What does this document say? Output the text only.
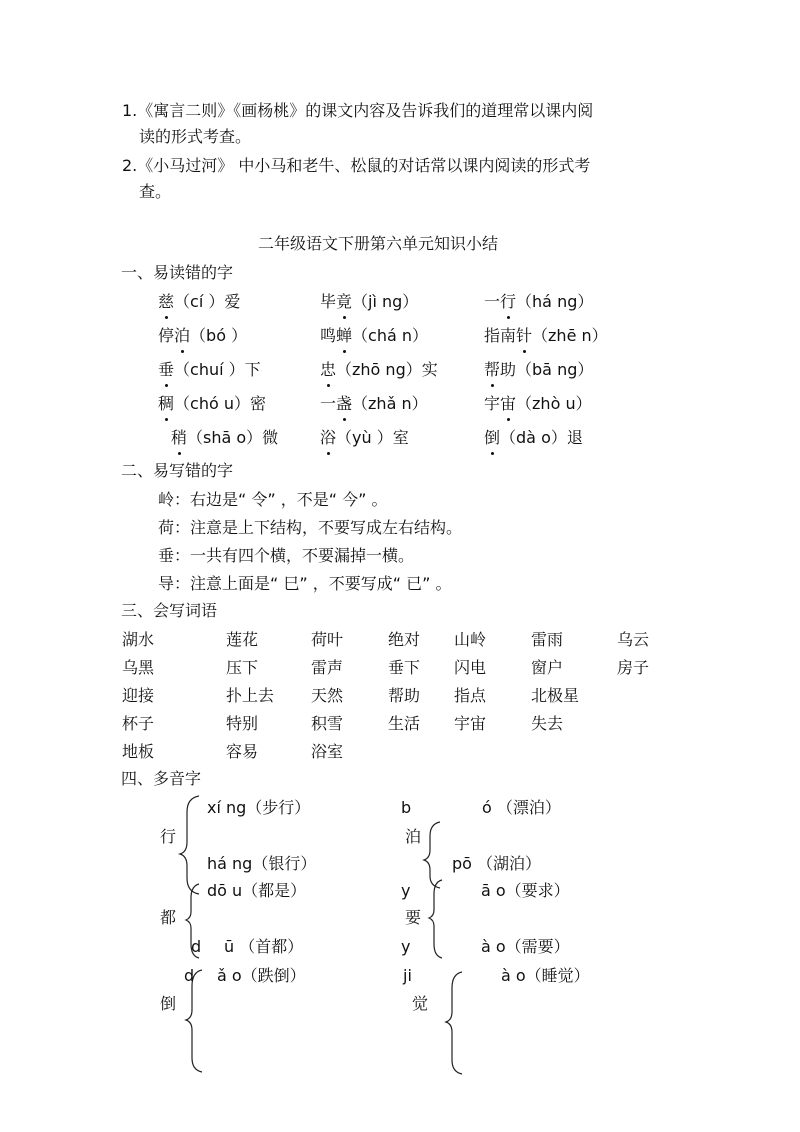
1.《寓言二则》《画杨桃》的课文内容及告诉我们的道理常以课内阅
读的形式考查。
2.《小马过河》 中小马和老牛、松鼠的对话常以课内阅读的形式考
查。
二年级语文下册第六单元知识小结
一、易读错的字
慈（cí ）爱	毕竟（jì ng）	一行（há ng）
停泊（bó ）	鸣蝉（chá n）	指南针（zhē n）
垂（chuí ）下	忠（zhō ng）实	帮助（bā ng）
稠（chó u）密	一盏（zhǎ n）	宇宙（zhò u）
稍（shā o）微	浴（yù ）室	倒（dà o）退
二、易写错的字
岭：右边是“ 令” ，不是“ 今” 。
荷：注意是上下结构，不要写成左右结构。
垂：一共有四个横，不要漏掉一横。
导：注意上面是“ 巳” ，不要写成“ 已” 。
三、会写词语
湖水	莲花	荷叶	绝对 山岭	雷雨	乌云
乌黑	压下	雷声	垂下 闪电	窗户	房子
迎接	扑上去 天然	帮助 指点	北极星
杯子	特别	积雪	生活 宇宙	失去
地板	容易	浴室
四、多音字
xí ng（步行）
行
há ng（银行）
dō u（都是）
都
d ū （首都）
d ǎ o（跌倒）
倒
b	ó （漂泊）
泊
pō （湖泊）
y	ā o（要求）
要
y	à o（需要）
ji	à o（睡觉）
觉
